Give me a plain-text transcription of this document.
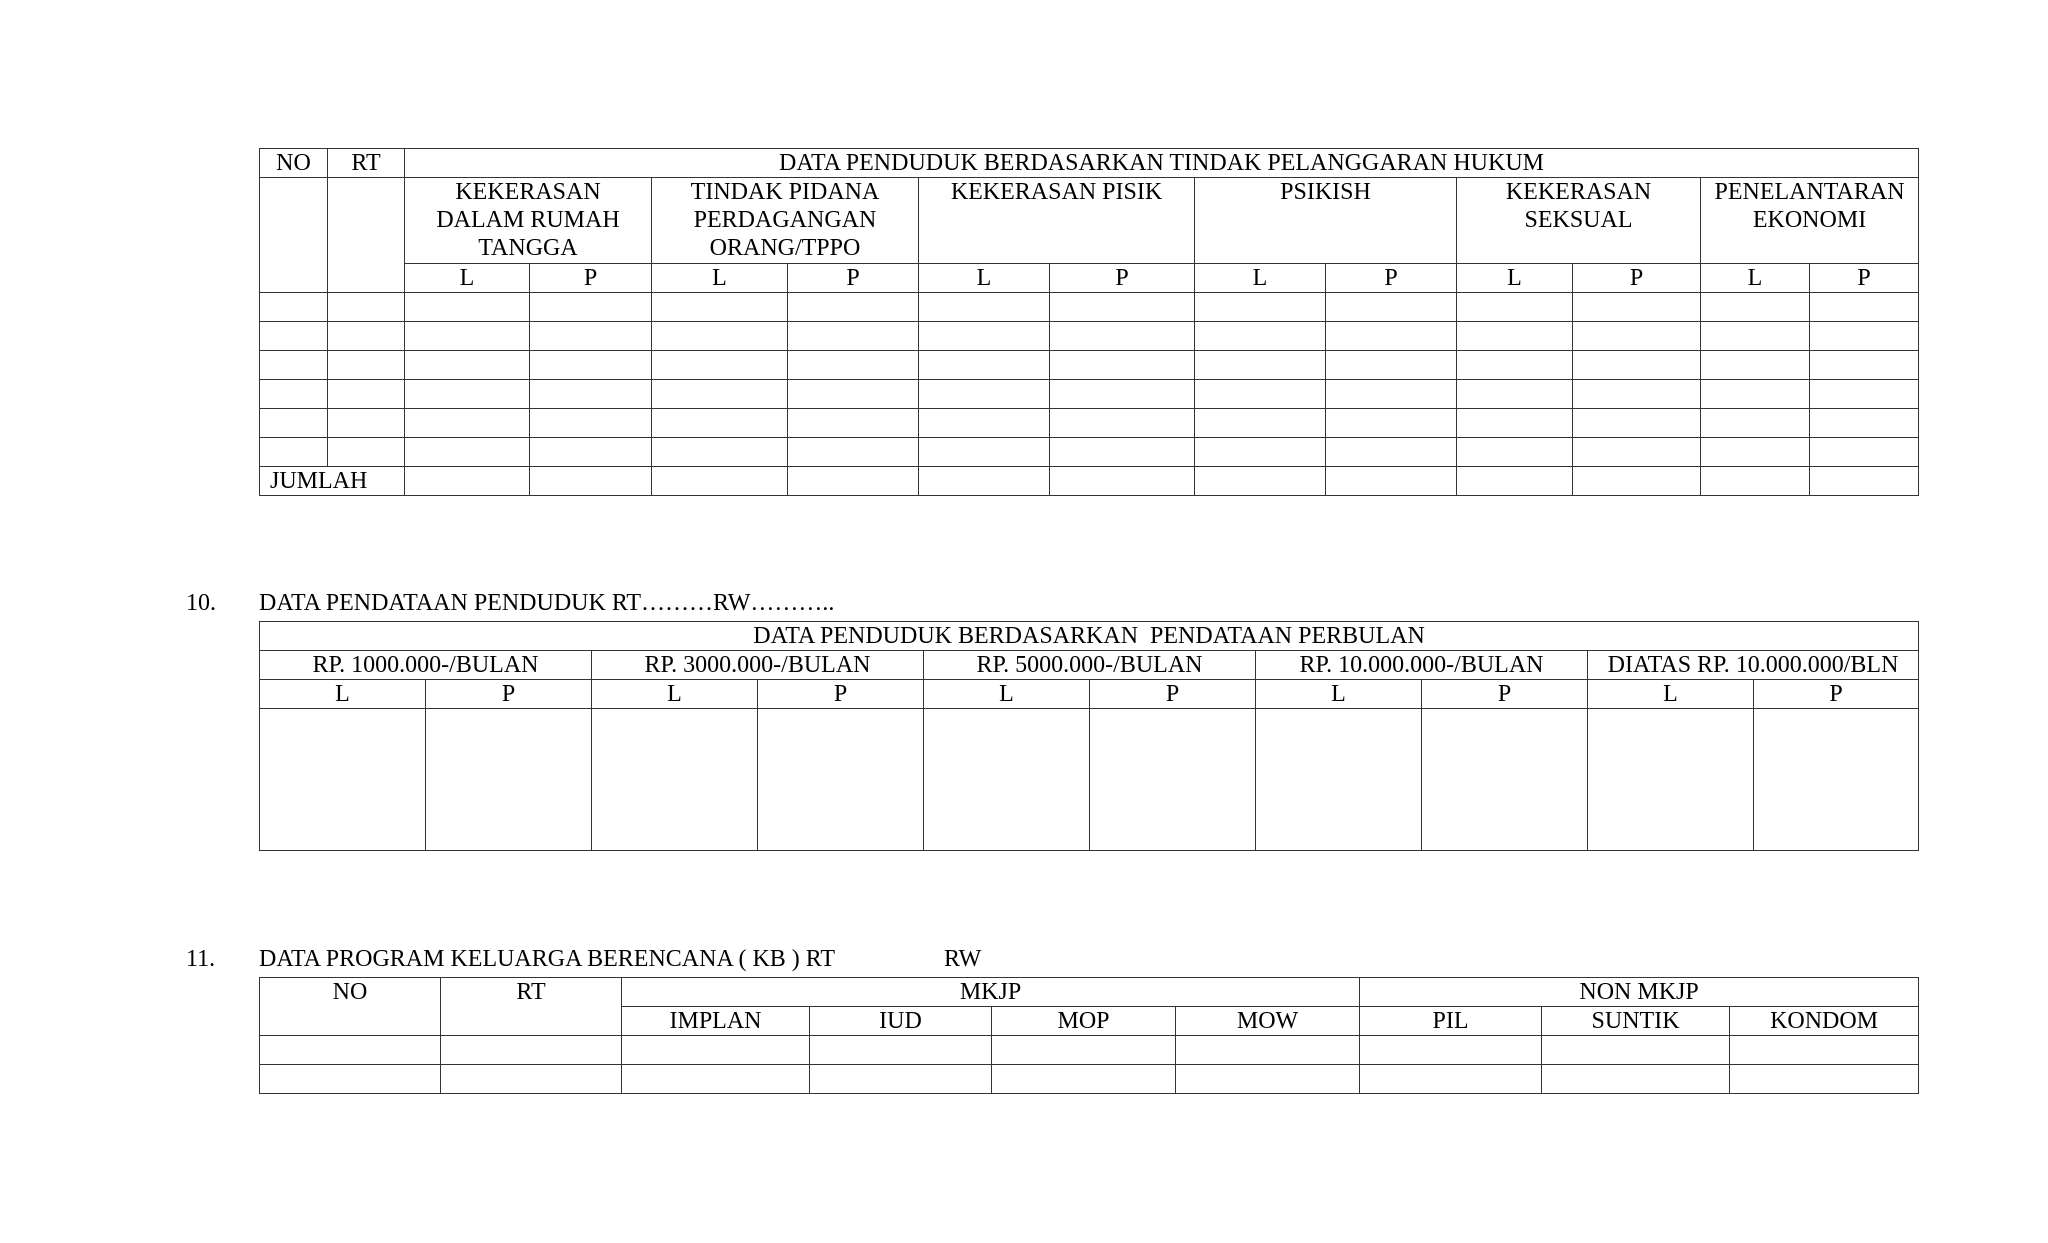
NO	RT	DATA PENDUDUK BERDASARKAN TINDAK PELANGGARAN HUKUM											
		KEKERASAN DALAM RUMAH TANGGA		TINDAK PIDANA PERDAGANGAN ORANG/TPPO		KEKERASAN PISIK		PSIKISH		KEKERASAN SEKSUAL		PENELANTARAN EKONOMI	
		L	P	L	P	L	P	L	P	L	P	L	P

JUMLAH													
10. DATA PENDATAAN PENDUDUK RT………RW………..
DATA PENDUDUK BERDASARKAN  PENDATAAN PERBULAN									
RP. 1000.000-/BULAN		RP. 3000.000-/BULAN		RP. 5000.000-/BULAN		RP. 10.000.000-/BULAN		DIATAS RP. 10.000.000/BLN	
L	P	L	P	L	P	L	P	L	P

11. DATA PROGRAM KELUARGA BERENCANA ( KB ) RT	RW
NO	RT	MKJP				NON MKJP		
		IMPLAN	IUD	MOP	MOW	PIL	SUNTIK	KONDOM
